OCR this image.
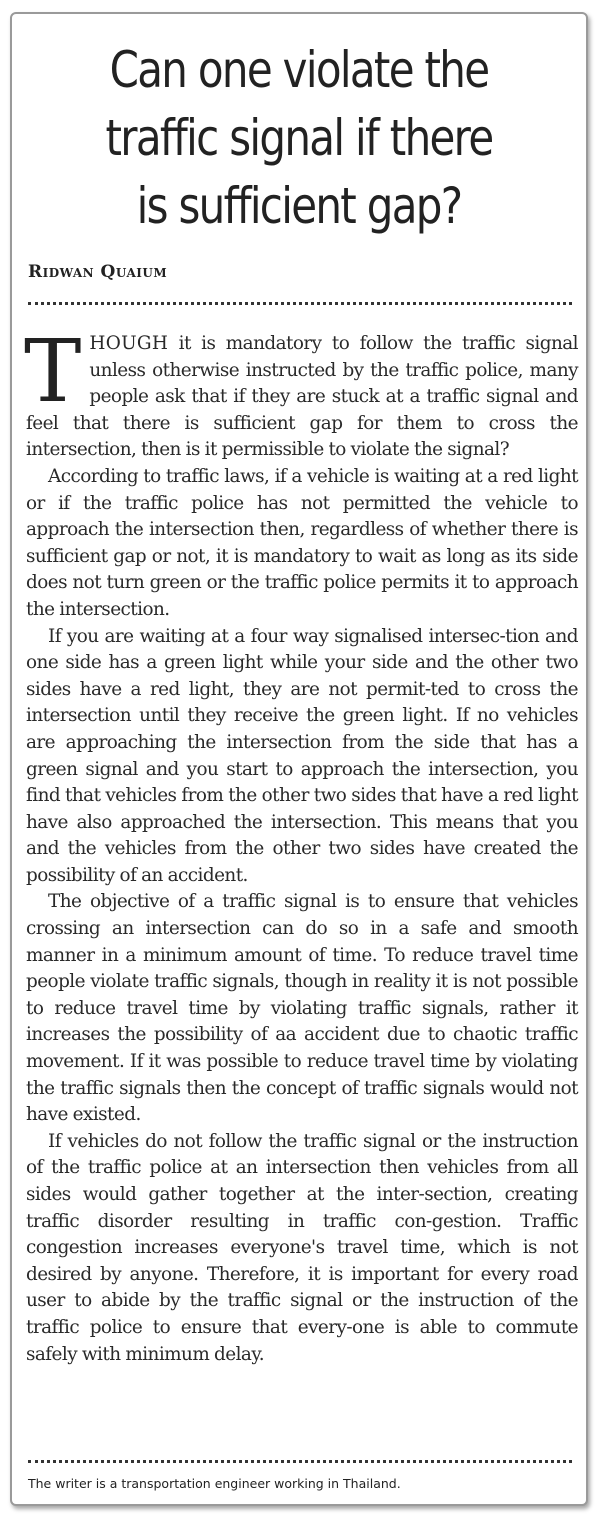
Can one violate the
traffic signal if there
is sufficient gap?
Ridwan Quaium

THOUGH it is mandatory to follow the traffic signal unless otherwise instructed by the traffic police, many people ask that if they are stuck at a traffic signal and feel that there is sufficient gap for them to cross the intersection, then is it permissible to violate the signal?

According to traffic laws, if a vehicle is waiting at a red light or if the traffic police has not permitted the vehicle to approach the intersection then, regardless of whether there is sufficient gap or not, it is mandatory to wait as long as its side does not turn green or the traffic police permits it to approach the intersection.

If you are waiting at a four way signalised intersec-tion and one side has a green light while your side and the other two sides have a red light, they are not permit-ted to cross the intersection until they receive the green light. If no vehicles are approaching the intersection from the side that has a green signal and you start to approach the intersection, you find that vehicles from the other two sides that have a red light have also approached the intersection. This means that you and the vehicles from the other two sides have created the possibility of an accident.

The objective of a traffic signal is to ensure that vehicles crossing an intersection can do so in a safe and smooth manner in a minimum amount of time. To reduce travel time people violate traffic signals, though in reality it is not possible to reduce travel time by violating traffic signals, rather it increases the possibility of aa accident due to chaotic traffic movement. If it was possible to reduce travel time by violating the traffic signals then the concept of traffic signals would not have existed.

If vehicles do not follow the traffic signal or the instruction of the traffic police at an intersection then vehicles from all sides would gather together at the inter-section, creating traffic disorder resulting in traffic con-gestion. Traffic congestion increases everyone's travel time, which is not desired by anyone. Therefore, it is important for every road user to abide by the traffic signal or the instruction of the traffic police to ensure that every-one is able to commute safely with minimum delay.

The writer is a transportation engineer working in Thailand.
